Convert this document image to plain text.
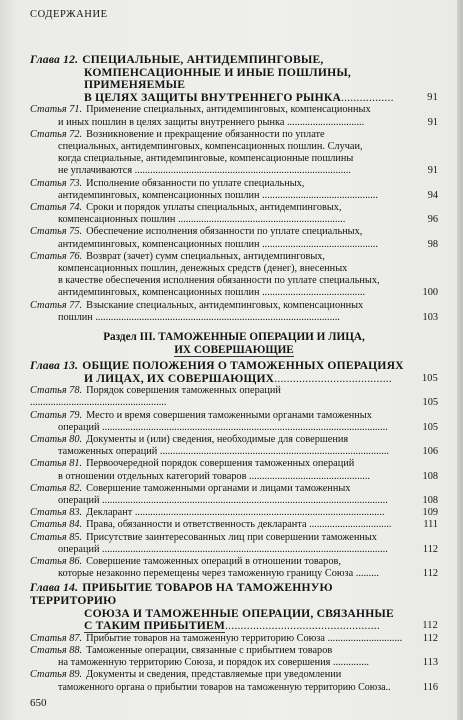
СОДЕРЖАНИЕ
Глава 12. СПЕЦИАЛЬНЫЕ, АНТИДЕМПИНГОВЫЕ,
КОМПЕНСАЦИОННЫЕ И ИНЫЕ ПОШЛИНЫ, ПРИМЕНЯЕМЫЕ
В ЦЕЛЯХ ЗАЩИТЫ ВНУТРЕННЕГО РЫНКА.................	91
Статья 71. Применение специальных, антидемпинговых, компенсационных
и иных пошлин в целях защиты внутреннего рынка ..............................	91
Статья 72. Возникновение и прекращение обязанности по уплате
специальных, антидемпинговых, компенсационных пошлин. Случаи,
когда специальные, антидемпинговые, компенсационные пошлины
не уплачиваются ....................................................................................	91
Статья 73. Исполнение обязанности по уплате специальных,
антидемпинговых, компенсационных пошлин .............................................	94
Статья 74. Сроки и порядок уплаты специальных, антидемпинговых,
компенсационных пошлин .................................................................	96
Статья 75. Обеспечение исполнения обязанности по уплате специальных,
антидемпинговых, компенсационных пошлин .............................................	98
Статья 76. Возврат (зачет) сумм специальных, антидемпинговых,
компенсационных пошлин, денежных средств (денег), внесенных
в качестве обеспечения исполнения обязанности по уплате специальных,
антидемпинговых, компенсационных пошлин ........................................	100
Статья 77. Взыскание специальных, антидемпинговых, компенсационных
пошлин ...............................................................................................	103
Раздел III. ТАМОЖЕННЫЕ ОПЕРАЦИИ И ЛИЦА,
ИХ СОВЕРШАЮЩИЕ
Глава 13. ОБЩИЕ ПОЛОЖЕНИЯ О ТАМОЖЕННЫХ ОПЕРАЦИЯХ
И ЛИЦАХ, ИХ СОВЕРШАЮЩИХ......................................	105
Статья 78. Порядок совершения таможенных операций .....................................................	105
Статья 79. Место и время совершения таможенными органами таможенных
операций ...............................................................................................................	105
Статья 80. Документы и (или) сведения, необходимые для совершения
таможенных операций .........................................................................................	106
Статья 81. Первоочередной порядок совершения таможенных операций
в отношении отдельных категорий товаров ...............................................	108
Статья 82. Совершение таможенными органами и лицами таможенных
операций ...............................................................................................................	108
Статья 83. Декларант .................................................................................................	109
Статья 84. Права, обязанности и ответственность декларанта ................................	111
Статья 85. Присутствие заинтересованных лиц при совершении таможенных
операций ...............................................................................................................	112
Статья 86. Совершение таможенных операций в отношении товаров,
которые незаконно перемещены через таможенную границу Союза .........	112
Глава 14. ПРИБЫТИЕ ТОВАРОВ НА ТАМОЖЕННУЮ ТЕРРИТОРИЮ
СОЮЗА И ТАМОЖЕННЫЕ ОПЕРАЦИИ, СВЯЗАННЫЕ
С ТАКИМ ПРИБЫТИЕМ..................................................	112
Статья 87. Прибытие товаров на таможенную территорию Союза ............................. 112
Статья 88. Таможенные операции, связанные с прибытием товаров
на таможенную территорию Союза, и порядок их совершения ..............	113
Статья 89. Документы и сведения, представляемые при уведомлении
таможенного органа о прибытии товаров на таможенную территорию Союза..	116
650
